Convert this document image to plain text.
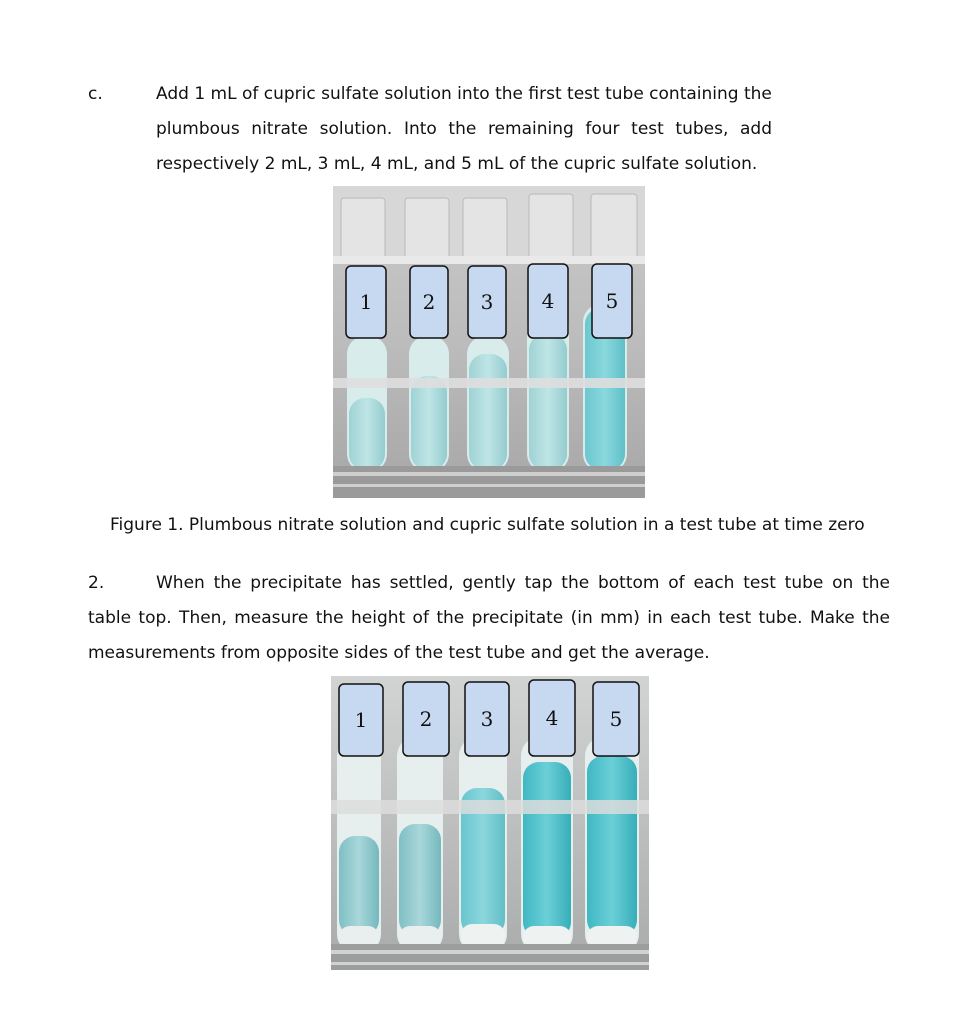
c.	Add 1 mL of cupric sulfate solution into the first test tube containing the
plumbous nitrate solution. Into the remaining four test tubes, add
respectively 2 mL, 3 mL, 4 mL, and 5 mL of the cupric sulfate solution.
1	2 3 4	5
Figure 1. Plumbous nitrate solution and cupric sulfate solution in a test tube at time zero
2.	When the precipitate has settled, gently tap the bottom of each test tube on the
table top. Then, measure the height of the precipitate (in mm) in each test tube. Make the
measurements from opposite sides of the test tube and get the average.
1	2 3	4	5
